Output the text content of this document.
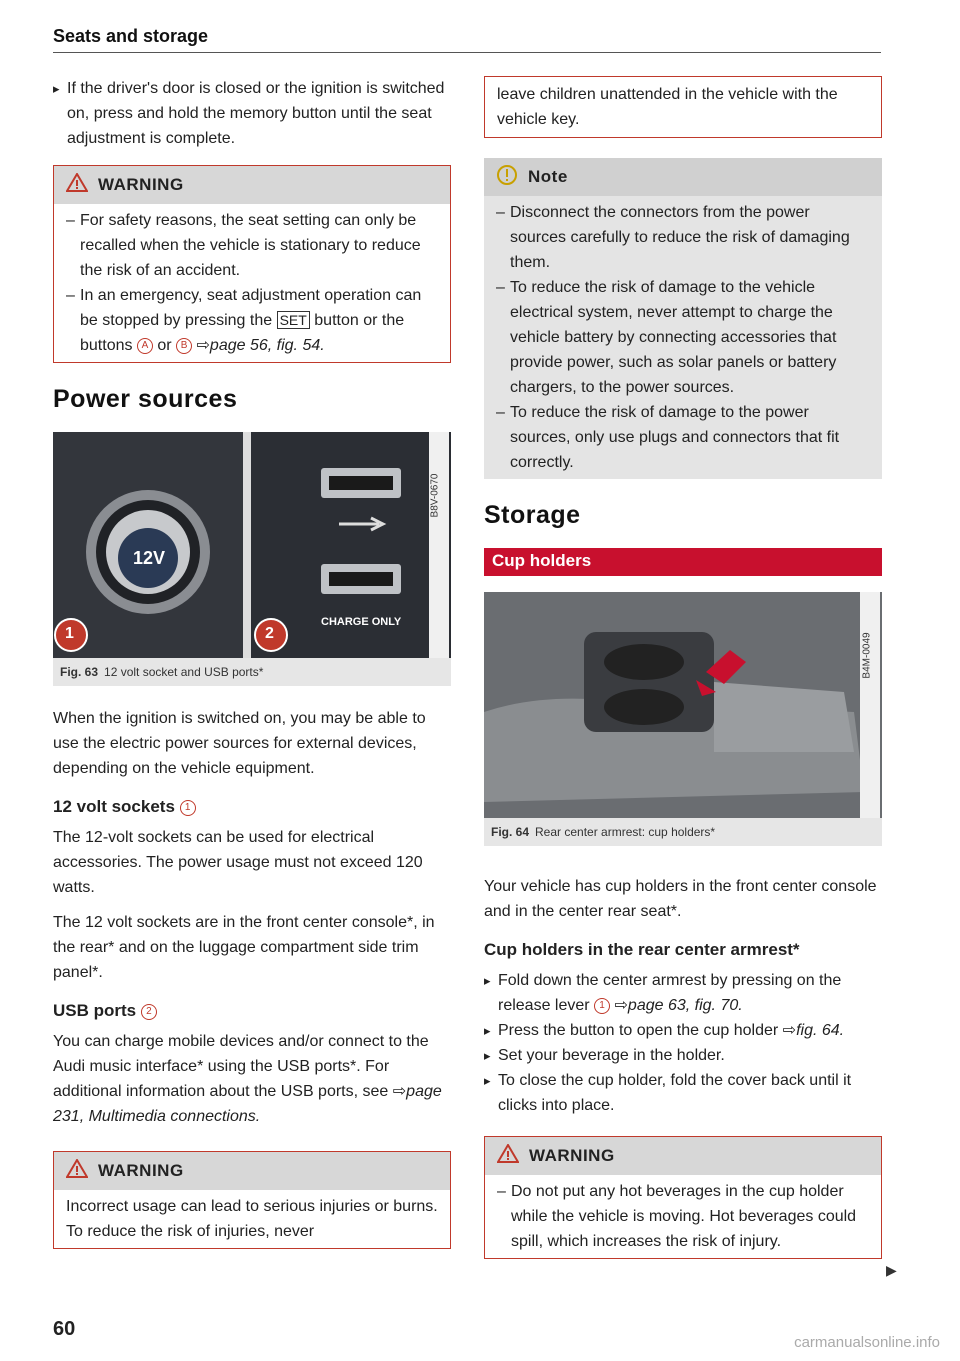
Seats and storage
▸ If the driver's door is closed or the ignition is switched on, press and hold the memory button until the seat adjustment is complete.
WARNING
– For safety reasons, the seat setting can only be recalled when the vehicle is stationary to reduce the risk of an accident.
– In an emergency, seat adjustment operation can be stopped by pressing the SET button or the buttons A or B ⇨page 56, fig. 54.
Power sources
12V
1	2
CHARGE ONLY
B8V-0670
Fig. 63 12 volt socket and USB ports*

When the ignition is switched on, you may be able to use the electric power sources for external devices, depending on the vehicle equipment.

12 volt sockets 1

The 12-volt sockets can be used for electrical accessories. The power usage must not exceed 120 watts.

The 12 volt sockets are in the front center console*, in the rear* and on the luggage compartment side trim panel*.

USB ports 2

You can charge mobile devices and/or connect to the Audi music interface* using the USB ports*. For additional information about the USB ports, see ⇨page 231, Multimedia connections.

WARNING

Incorrect usage can lead to serious injuries or burns. To reduce the risk of injuries, never

leave children unattended in the vehicle with the vehicle key.

Note
– Disconnect the connectors from the power sources carefully to reduce the risk of damaging them.
– To reduce the risk of damage to the vehicle electrical system, never attempt to charge the vehicle battery by connecting accessories that provide power, such as solar panels or battery chargers, to the power sources.
– To reduce the risk of damage to the power sources, only use plugs and connectors that fit correctly.
Storage
Cup holders
B4M-0049
Fig. 64 Rear center armrest: cup holders*

Your vehicle has cup holders in the front center console and in the center rear seat*.

Cup holders in the rear center armrest*
▸ Fold down the center armrest by pressing on the release lever 1 ⇨page 63, fig. 70.
▸ Press the button to open the cup holder ⇨fig. 64.
▸ Set your beverage in the holder.
▸ To close the cup holder, fold the cover back until it clicks into place.
WARNING
– Do not put any hot beverages in the cup holder while the vehicle is moving. Hot beverages could spill, which increases the risk of injury.
▶
60
carmanualsonline.info
